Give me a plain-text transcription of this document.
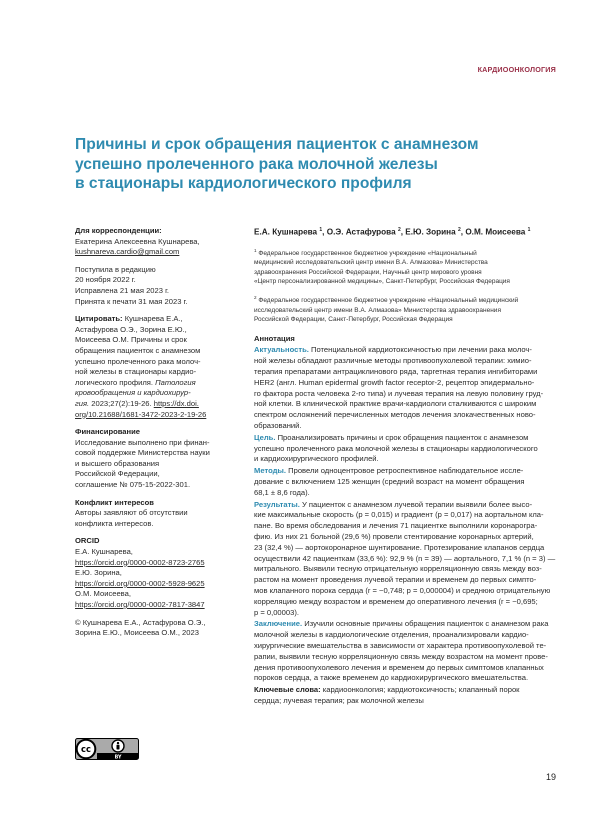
КАРДИООНКОЛОГИЯ
Причины и срок обращения пациенток с анамнезом
успешно пролеченного рака молочной железы
в стационары кардиологического профиля
Для корреспонденции:
Екатерина Алексеевна Кушнарева,
kushnareva.cardio@gmail.com
Поступила в редакцию
20 ноября 2022 г.
Исправлена 21 мая 2023 г.
Принята к печати 31 мая 2023 г.
Цитировать: Кушнарева Е.А.,
Астафурова О.Э., Зорина Е.Ю.,
Моисеева О.М. Причины и срок
обращения пациенток с анамнезом
успешно пролеченного рака молоч-
ной железы в стационары кардио-
логического профиля. Патология
кровообращения и кардиохирур-
гия. 2023;27(2):19-26. https://dx.doi.
org/10.21688/1681-3472-2023-2-19-26
Финансирование
Исследование выполнено при финан-
совой поддержке Министерства науки
и высшего образования
Российской Федерации,
соглашение № 075-15-2022-301.
Конфликт интересов
Авторы заявляют об отсутствии
конфликта интересов.
ORCID
Е.А. Кушнарева,
https://orcid.org/0000-0002-8723-2765
Е.Ю. Зорина,
https://orcid.org/0000-0002-5928-9625
О.М. Моисеева,
https://orcid.org/0000-0002-7817-3847
© Кушнарева Е.А., Астафурова О.Э.,
Зорина Е.Ю., Моисеева О.М., 2023
cc
BY
Е.А. Кушнарева $^1$, О.Э. Астафурова $^2$, Е.Ю. Зорина $^2$, О.М. Моисеева $^1$
$^1$ Федеральное государственное бюджетное учреждение «Национальный
медицинский исследовательский центр имени В.А. Алмазова» Министерства
здравоохранения Российской Федерации, Научный центр мирового уровня
«Центр персонализированной медицины», Санкт-Петербург, Российская Федерация
$^2$ Федеральное государственное бюджетное учреждение «Национальный медицинский
исследовательский центр имени В.А. Алмазова» Министерства здравоохранения
Российской Федерации, Санкт-Петербург, Российская Федерация
Аннотация
Актуальность. Потенциальной кардиотоксичностью при лечении рака молоч-
ной железы обладают различные методы противоопухолевой терапии: химио-
терапия препаратами антрациклинового ряда, таргетная терапия ингибиторами
HER2 (англ. Human epidermal growth factor receptor-2, рецептор эпидермально-
го фактора роста человека 2-го типа) и лучевая терапия на левую половину груд-
ной клетки. В клинической практике врачи-кардиологи сталкиваются с широким
спектром осложнений перечисленных методов лечения злокачественных ново-
образований.
Цель. Проанализировать причины и срок обращения пациенток с анамнезом
успешно пролеченного рака молочной железы в стационары кардиологического
и кардиохирургического профилей.
Методы. Провели одноцентровое ретроспективное наблюдательное иссле-
дование с включением 125 женщин (средний возраст на момент обращения
68,1 ± 8,6 года).
Результаты. У пациенток с анамнезом лучевой терапии выявили более высо-
кие максимальные скорость (p = 0,015) и градиент (p = 0,017) на аортальном кла-
пане. Во время обследования и лечения 71 пациентке выполнили коронарогра-
фию. Из них 21 больной (29,6 %) провели стентирование коронарных артерий,
23 (32,4 %) — аортокоронарное шунтирование. Протезирование клапанов сердца
осуществили 42 пациенткам (33,6 %): 92,9 % (n = 39) — аортального, 7,1 % (n = 3) —
митрального. Выявили тесную отрицательную корреляционную связь между воз-
растом на момент проведения лучевой терапии и временем до первых симпто-
мов клапанного порока сердца (r = −0,748; p = 0,000004) и среднюю отрицательную
корреляцию между возрастом и временем до оперативного лечения (r = −0,695;
p = 0,00003).
Заключение. Изучили основные причины обращения пациенток с анамнезом рака
молочной железы в кардиологические отделения, проанализировали кардио-
хирургические вмешательства в зависимости от характера противоопухолевой те-
рапии, выявили тесную корреляционную связь между возрастом на момент прове-
дения противоопухолевого лечения и временем до первых симптомов клапанных
пороков сердца, а также временем до кардиохирургического вмешательства.
Ключевые слова: кардиоонкология; кардиотоксичность; клапанный порок
сердца; лучевая терапия; рак молочной железы
19
